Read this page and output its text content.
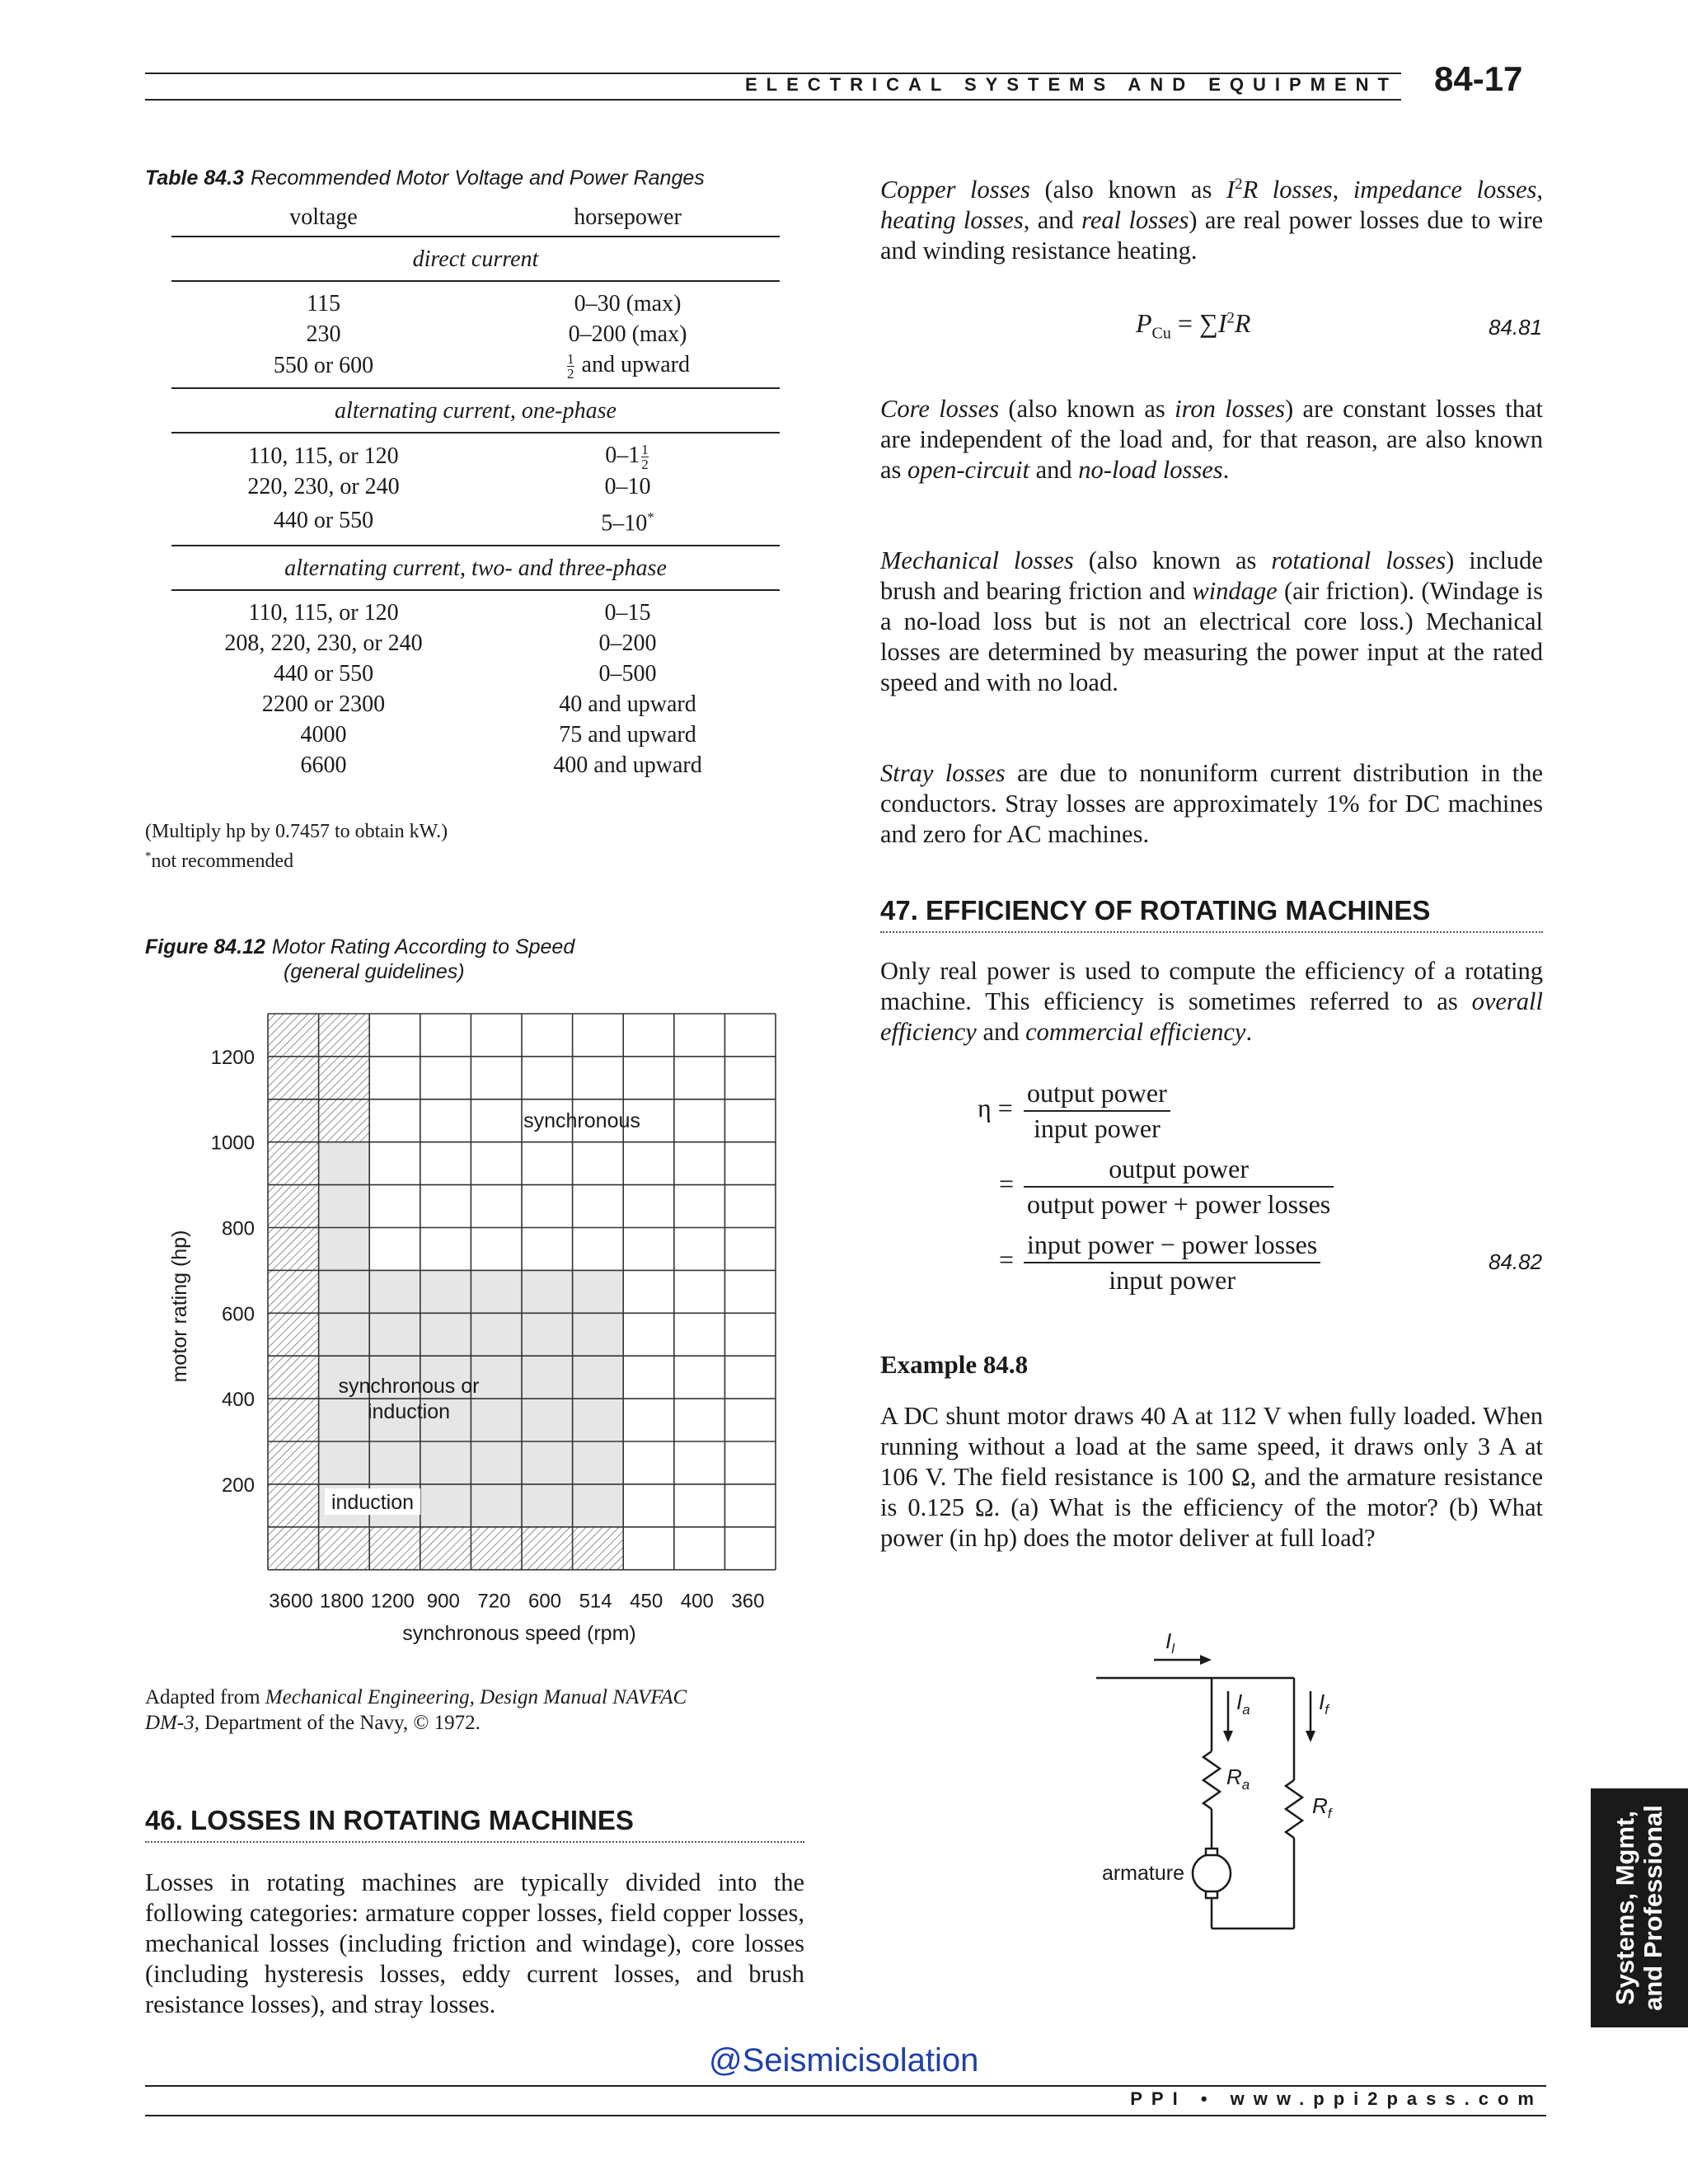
ELECTRICAL SYSTEMS AND EQUIPMENT 84-17
Table 84.3 Recommended Motor Voltage and Power Ranges
voltage	horsepower
direct current	

115	0–30 (max)
230	0–200 (max)
550 or 600	$\frac{1}{2}$ and upward

alternating current, one-phase	

110, 115, or 120	$0-1 \frac{1}{2}$

220, 230, or 240	0–10
440 or 550	5–10*

alternating current, two- and three-phase	

110, 115, or 120	0–15
208, 220, 230, or 240	0–200
440 or 550	0–500
2200 or 2300	40 and upward
4000	75 and upward
6600	400 and upward
(Multiply hp by 0.7457 to obtain kW.)
*not recommended
Figure 84.12 Motor Rating According to Speed
(general guidelines)
200
400
600
800
1000
1200
3600 1800 1200 900 720 600 514 450 400 360
synchronous
synchronous or
induction
induction
synchronous speed (rpm)
motor rating (hp)
Adapted from Mechanical Engineering, Design Manual NAVFAC
DM-3, Department of the Navy, © 1972.
46. LOSSES IN ROTATING MACHINES
Losses in rotating machines are typically divided into the following categories: armature copper losses, field copper losses, mechanical losses (including friction and windage), core losses (including hysteresis losses, eddy current losses, and brush resistance losses), and stray losses.
Copper losses (also known as $I^2R$ losses, impedance losses, heating losses, and real losses) are real power losses due to wire and winding resistance heating.
$P_{Cu} = \sum I^2R$	84.81
Core losses (also known as iron losses) are constant losses that are independent of the load and, for that reason, are also known as open-circuit and no-load losses.
Mechanical losses (also known as rotational losses) include brush and bearing friction and windage (air friction). (Windage is a no-load loss but is not an electrical core loss.) Mechanical losses are determined by measuring the power input at the rated speed and with no load.
Stray losses are due to nonuniform current distribution in the conductors. Stray losses are approximately 1% for DC machines and zero for AC machines.
47. EFFICIENCY OF ROTATING MACHINES
Only real power is used to compute the efficiency of a rotating machine. This efficiency is sometimes referred to as overall efficiency and commercial efficiency.
η =
output power
input power
=
output power
output power + power losses
=
input power − power losses
input power
84.82
Example 84.8
A DC shunt motor draws 40 A at 112 V when fully loaded. When running without a load at the same speed, it draws only 3 A at 106 V. The field resistance is 100 Ω, and the armature resistance is 0.125 Ω. (a) What is the efficiency of the motor? (b) What power (in hp) does the motor deliver at full load?
$I_l$
$I_a$	$I_f$
$R_a$
$R_f$
armature	Systems, Mgmt, and Professional
@Seismicisolation
PPI • www.ppi2pass.com
